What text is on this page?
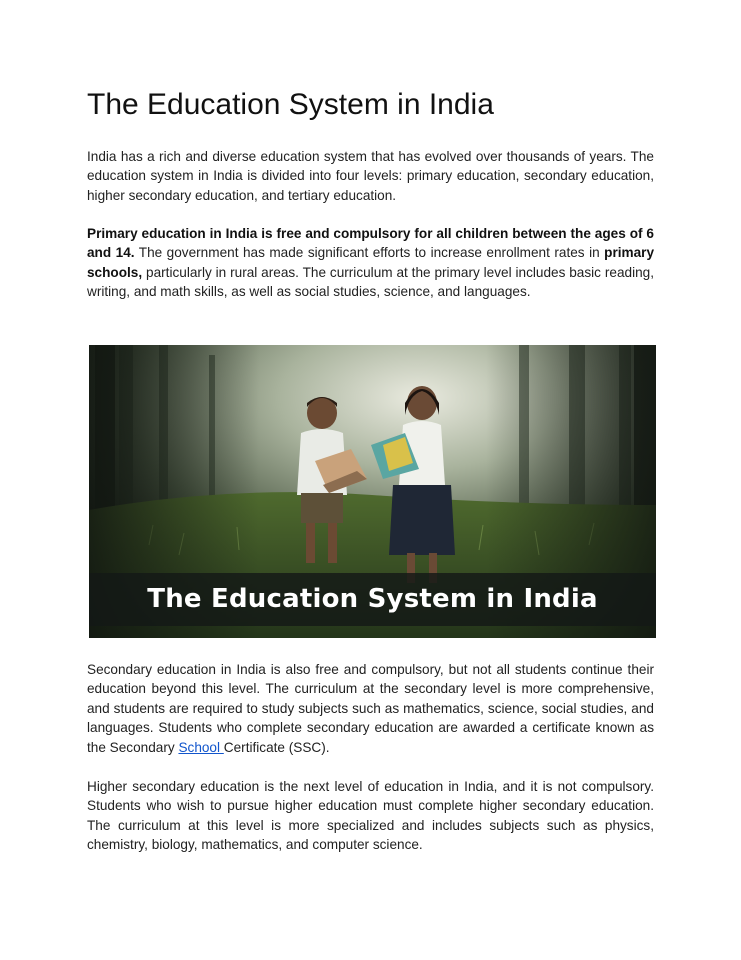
The Education System in India

India has a rich and diverse education system that has evolved over thousands of years. The education system in India is divided into four levels: primary education, secondary education, higher secondary education, and tertiary education.

Primary education in India is free and compulsory for all children between the ages of 6 and 14. The government has made significant efforts to increase enrollment rates in primary schools, particularly in rural areas. The curriculum at the primary level includes basic reading, writing, and math skills, as well as social studies, science, and languages.

Secondary education in India is also free and compulsory, but not all students continue their education beyond this level. The curriculum at the secondary level is more comprehensive, and students are required to study subjects such as mathematics, science, social studies, and languages. Students who complete secondary education are awarded a certificate known as the Secondary School Certificate (SSC).

Higher secondary education is the next level of education in India, and it is not compulsory. Students who wish to pursue higher education must complete higher secondary education. The curriculum at this level is more specialized and includes subjects such as physics, chemistry, biology, mathematics, and computer science.

The Education System in India
